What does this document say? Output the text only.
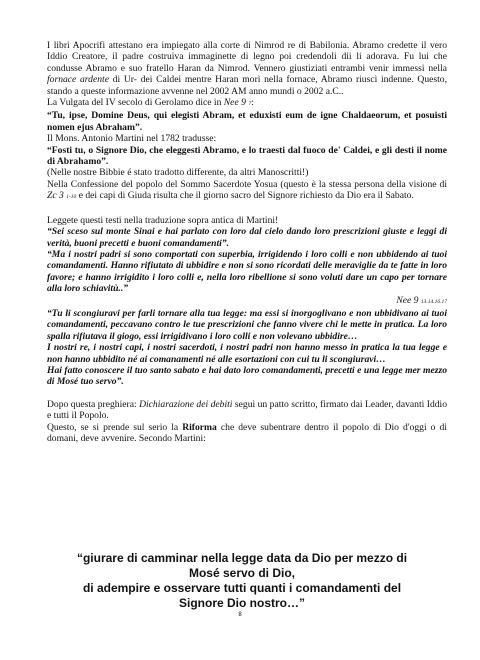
I libri Apocrifi attestano era impiegato alla corte di Nimrod re di Babilonia. Abramo credette il vero Iddio Creatore, il padre costruiva immaginette di legno poi credendoli dii li adorava. Fu lui che condusse Abramo e suo fratello Haran da Nimrod. Vennero giustiziati entrambi venir immessi nella fornace ardente di Ur- dei Caldei mentre Haran morì nella fornace, Abramo riuscì indenne. Questo, stando a queste informazione avvenne nel 2002 AM anno mundi o 2002 a.C..

La Vulgata del IV secolo di Gerolamo dice in Nee 9 7:

“Tu, ipse, Domine Deus, qui elegisti Abram, et eduxisti eum de igne Chaldaeorum, et posuisti nomen ejus Abraham”.

Il Mons. Antonio Martini nel 1782 tradusse:

“Fosti tu, o Signore Dio, che eleggesti Abramo, e lo traesti dal fuoco de' Caldei, e gli desti il nome di Abrahamo”.

(Nelle nostre Bibbie é stato tradotto differente, da altri Manoscritti!)

Nella Confessione del popolo del Sommo Sacerdote Yosua (questo è la stessa persona della visione di Zc 3 1-10 e dei capi di Giuda risulta che il giorno sacro del Signore richiesto da Dio era il Sabato.

Leggete questi testi nella traduzione sopra antica di Martini!

“Sei sceso sul monte Sinai e hai parlato con loro dal cielo dando loro prescrizioni giuste e leggi di verità, buoni precetti e buoni comandamenti”.

“Ma i nostri padri si sono comportati con superbia, irrigidendo i loro colli e non ubbidendo ai tuoi comandamenti. Hanno rifiutato di ubbidire e non si sono ricordati delle meraviglie da te fatte in loro favore; e hanno irrigidito i loro colli e, nella loro ribellione si sono voluti dare un capo per tornare alla loro schiavitù..”

Nee 9 13.14.16.17

“Tu li scongiuravi per farli tornare alla tua legge: ma essi si inorgoglivano e non ubbidivano ai tuoi comandamenti, peccavano contro le tue prescrizioni che fanno vivere chi le mette in pratica. La loro spalla rifiutava il giogo, essi irrigidivano i loro colli e non volevano ubbidire…

I nostri re, i nostri capi, i nostri sacerdoti, i nostri padri non hanno messo in pratica la tua legge e non hanno ubbidito né ai comanamenti né alle esortazioni con cui tu li scongiuravi…

Hai fatto conoscere il tuo santo sabato e hai dato loro comandamenti, precetti e una legge mer mezzo di Mosé tuo servo”.

Dopo questa preghiera: Dichiarazione dei debiti seguì un patto scritto, firmato dai Leader, davanti Iddio e tutti il Popolo.

Questo, se si prende sul serio la Riforma che deve subentrare dentro il popolo di Dio d'oggi o di domani, deve avvenire. Secondo Martini:

“giurare di camminar nella legge data da Dio per mezzo di
Mosé servo di Dio,
di adempire e osservare tutti quanti i comandamenti del
Signore Dio nostro…”
8
